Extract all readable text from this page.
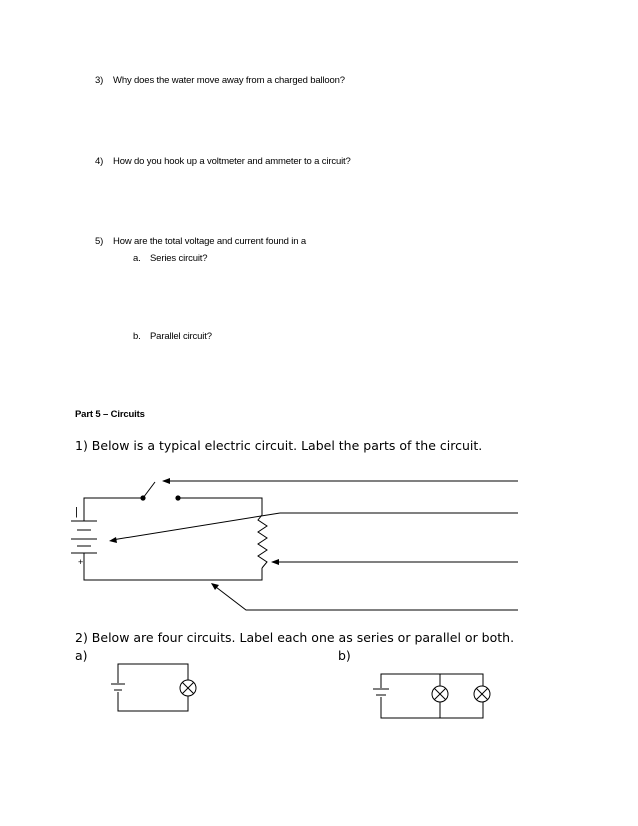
3) Why does the water move away from a charged balloon?
4) How do you hook up a voltmeter and ammeter to a circuit?
5) How are the total voltage and current found in a
a. Series circuit?
b. Parallel circuit?
Part 5 – Circuits
1) Below is a typical electric circuit. Label the parts of the circuit.
|
+
2) Below are four circuits. Label each one as series or parallel or both.
a)	b)
